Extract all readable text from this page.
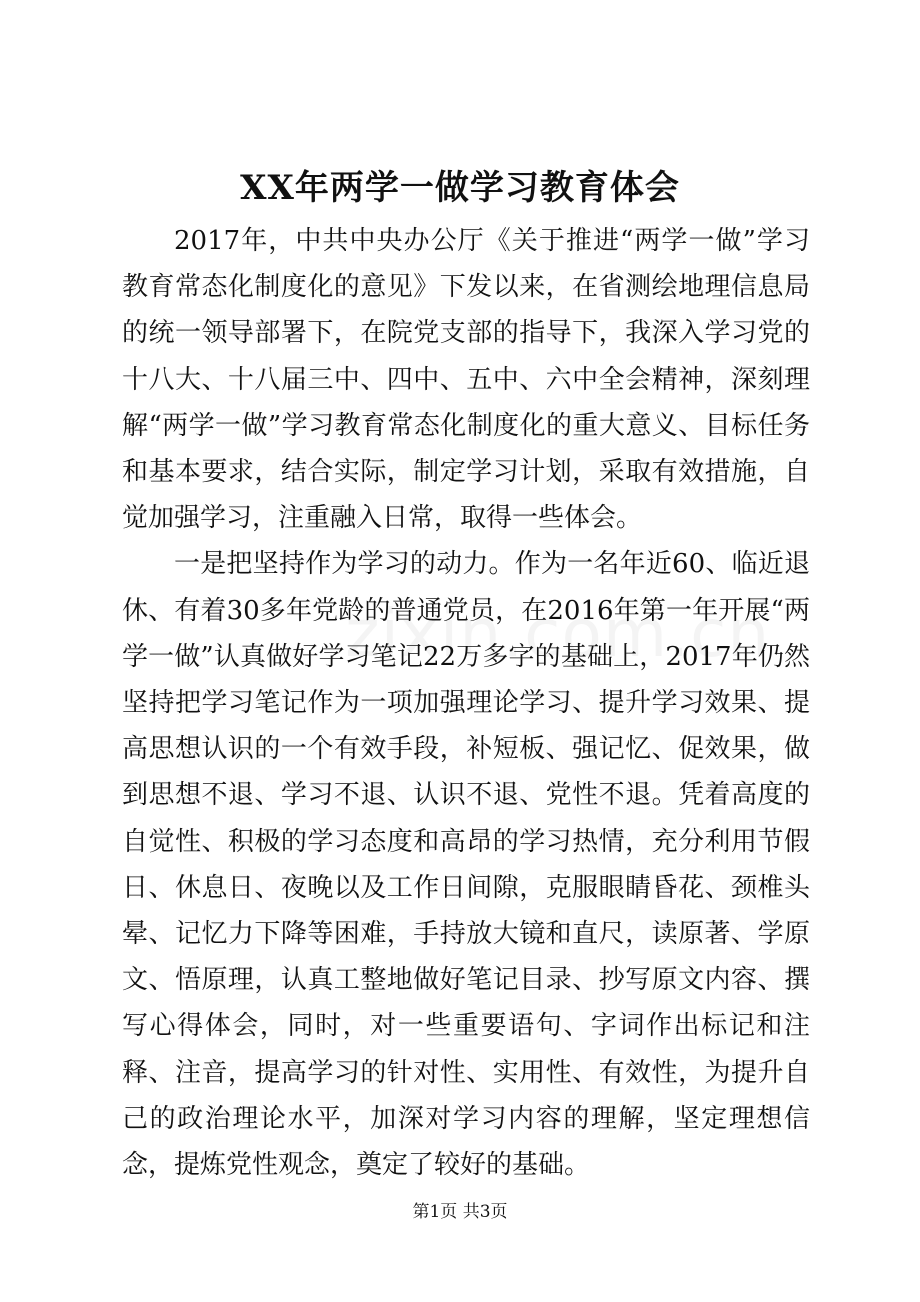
XX年两学一做学习教育体会

2017年，中共中央办公厅《关于推进“两学一做”学习教育常态化制度化的意见》下发以来，在省测绘地理信息局的统一领导部署下，在院党支部的指导下，我深入学习党的十八大、十八届三中、四中、五中、六中全会精神，深刻理解“两学一做”学习教育常态化制度化的重大意义、目标任务和基本要求，结合实际，制定学习计划，采取有效措施，自觉加强学习，注重融入日常，取得一些体会。

一是把坚持作为学习的动力。作为一名年近60、临近退休、有着30多年党龄的普通党员，在2016年第一年开展“两学一做”认真做好学习笔记22万多字的基础上，2017年仍然坚持把学习笔记作为一项加强理论学习、提升学习效果、提高思想认识的一个有效手段，补短板、强记忆、促效果，做到思想不退、学习不退、认识不退、党性不退。凭着高度的自觉性、积极的学习态度和高昂的学习热情，充分利用节假日、休息日、夜晚以及工作日间隙，克服眼睛昏花、颈椎头晕、记忆力下降等困难，手持放大镜和直尺，读原著、学原文、悟原理，认真工整地做好笔记目录、抄写原文内容、撰写心得体会，同时，对一些重要语句、字词作出标记和注释、注音，提高学习的针对性、实用性、有效性，为提升自己的政治理论水平，加深对学习内容的理解，坚定理想信念，提炼党性观念，奠定了较好的基础。

第1页 共3页
